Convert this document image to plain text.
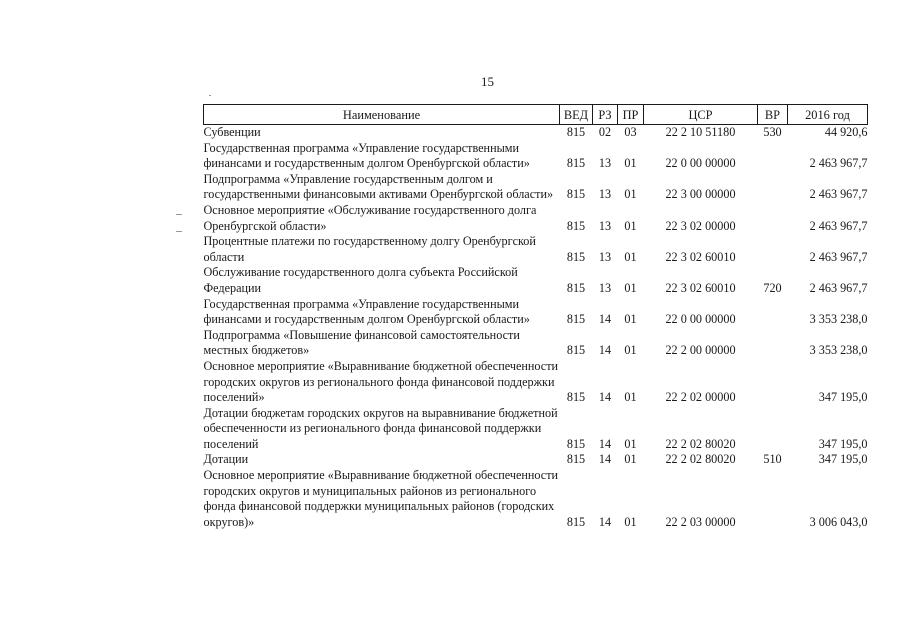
15
Наименование	ВЕД	РЗ	ПР	ЦСР	ВР	2016 год
Субвенции	815	02	03	22 2 10 51180	530	44 920,6
Государственная программа «Управление государственными финансами и государственным долгом Оренбургской области»	815	13	01	22 0 00 00000		2 463 967,7
Подпрограмма «Управление государственным долгом и государственными финансовыми активами Оренбургской области»	815	13	01	22 3 00 00000		2 463 967,7
Основное мероприятие «Обслуживание государственного долга Оренбургской области»	815	13	01	22 3 02 00000		2 463 967,7
Процентные платежи по государственному долгу Оренбургской области	815	13	01	22 3 02 60010		2 463 967,7
Обслуживание государственного долга субъекта Российской Федерации	815	13	01	22 3 02 60010	720	2 463 967,7
Государственная программа «Управление государственными финансами и государственным долгом Оренбургской области»	815	14	01	22 0 00 00000		3 353 238,0
Подпрограмма «Повышение финансовой самостоятельности местных бюджетов»	815	14	01	22 2 00 00000		3 353 238,0
Основное мероприятие «Выравнивание бюджетной обеспеченности городских округов из регионального фонда финансовой поддержки поселений»	815	14	01	22 2 02 00000		347 195,0
Дотации бюджетам городских округов на выравнивание бюджетной обеспеченности из регионального фонда финансовой поддержки поселений	815	14	01	22 2 02 80020		347 195,0
Дотации	815	14	01	22 2 02 80020	510	347 195,0
Основное мероприятие «Выравнивание бюджетной обеспеченности городских округов и муниципальных районов из регионального фонда финансовой поддержки муниципальных районов (городских округов)»	815	14	01	22 2 03 00000		3 006 043,0
